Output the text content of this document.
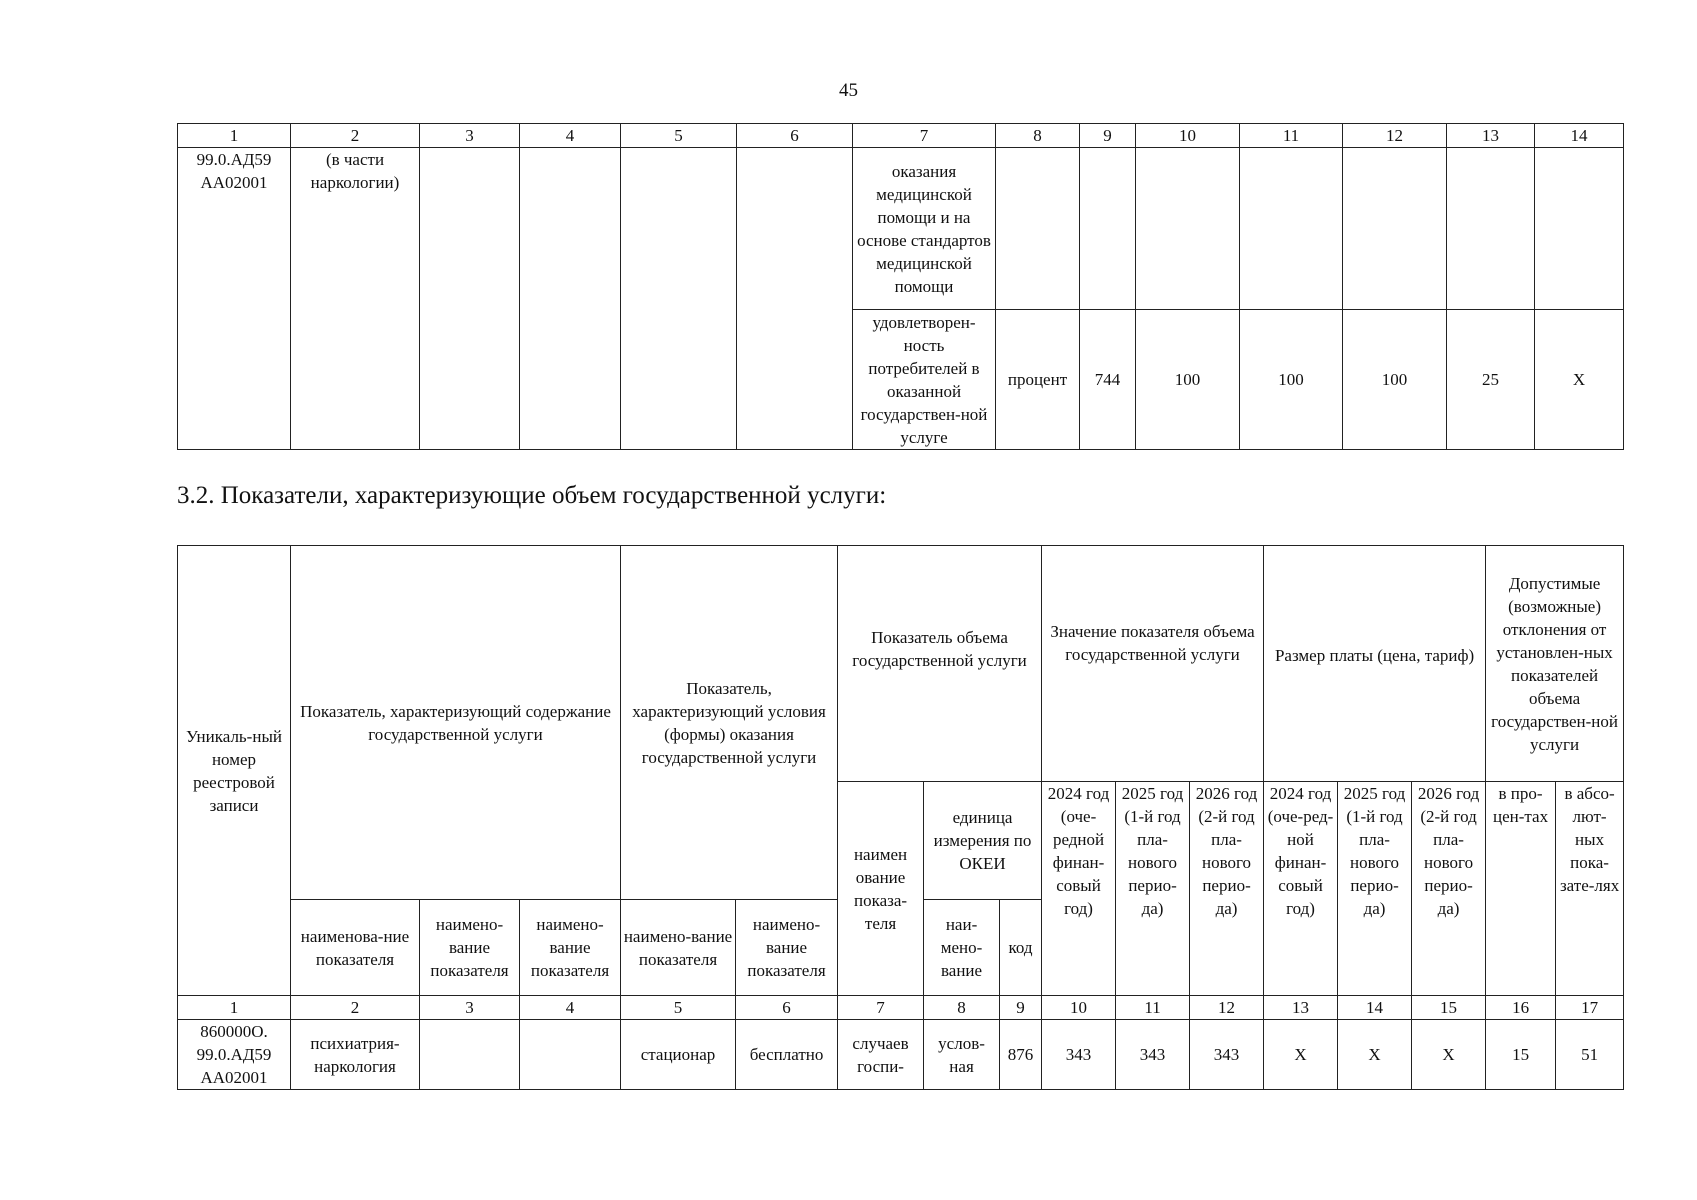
45
1	2	3	4	5	6	7	8	9	10	11	12	13	14
99.0.АД59 АА02001	(в части наркологии)					оказания медицинской помощи и на основе стандартов медицинской помощи							
						удовлетворен-ность потребителей в оказанной государствен-ной услуге	процент	744	100	100	100	25	Х
3.2. Показатели, характеризующие объем государственной услуги:
Уникаль-ный номер реестровой записи	Показатель, характеризующий содержание государственной услуги			Показатель, характеризующий условия (формы) оказания государственной услуги		Показатель объема государственной услуги			Значение показателя объема государственной услуги			Размер платы (цена, тариф)			Допустимые (возможные) отклонения от установлен-ных показателей объема государствен-ной услуги	
						наимен ование показа-теля	единица измерения по ОКЕИ		2024 год (оче-редной финан-совый год)	2025 год (1-й год пла-нового перио-да)	2026 год (2-й год пла-нового перио-да)	2024 год (оче-ред-ной финан-совый год)	2025 год (1-й год пла-нового перио-да)	2026 год (2-й год пла-нового перио-да)	в про-цен-тах	в абсо-лют-ных пока-зате-лях
	наименова-ние показателя	наимено-вание показателя	наимено-вание показателя	наимено-вание показателя	наимено-вание показателя		наи-мено-вание	код								
1	2	3	4	5	6	7	8	9	10	11	12	13	14	15	16	17
860000О. 99.0.АД59 АА02001	психиатрия-наркология			стационар	бесплатно	случаев госпи-	услов-ная	876	343	343	343	Х	Х	Х	15	51
